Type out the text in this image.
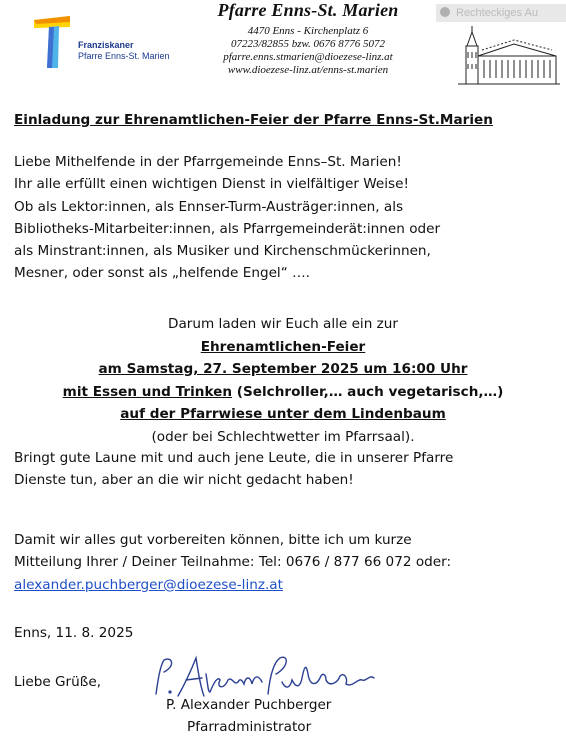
Franziskaner
Pfarre Enns-St. Marien
Pfarre Enns-St. Marien
4470 Enns - Kirchenplatz 6
07223/82855 bzw. 0676 8776 5072
pfarre.enns.stmarien@dioezese-linz.at
www.dioezese-linz.at/enns-st.marien
Rechteckiges Au
Einladung zur Ehrenamtlichen-Feier der Pfarre Enns-St.Marien
Liebe Mithelfende in der Pfarrgemeinde Enns–St. Marien!
Ihr alle erfüllt einen wichtigen Dienst in vielfältiger Weise!
Ob als Lektor:innen, als Ennser-Turm-Austräger:innen, als
Bibliotheks-Mitarbeiter:innen, als Pfarrgemeinderät:innen oder
als Minstrant:innen, als Musiker und Kirchenschmückerinnen,
Mesner, oder sonst als „helfende Engel“ ….
Darum laden wir Euch alle ein zur
Ehrenamtlichen-Feier
am Samstag, 27. September 2025 um 16:00 Uhr
mit Essen und Trinken (Selchroller,… auch vegetarisch,…)
auf der Pfarrwiese unter dem Lindenbaum
(oder bei Schlechtwetter im Pfarrsaal).
Bringt gute Laune mit und auch jene Leute, die in unserer Pfarre
Dienste tun, aber an die wir nicht gedacht haben!
Damit wir alles gut vorbereiten können, bitte ich um kurze
Mitteilung Ihrer / Deiner Teilnahme: Tel: 0676 / 877 66 072 oder:
alexander.puchberger@dioezese-linz.at
Enns, 11. 8. 2025
Liebe Grüße,
P. Alexander Puchberger
Pfarradministrator
